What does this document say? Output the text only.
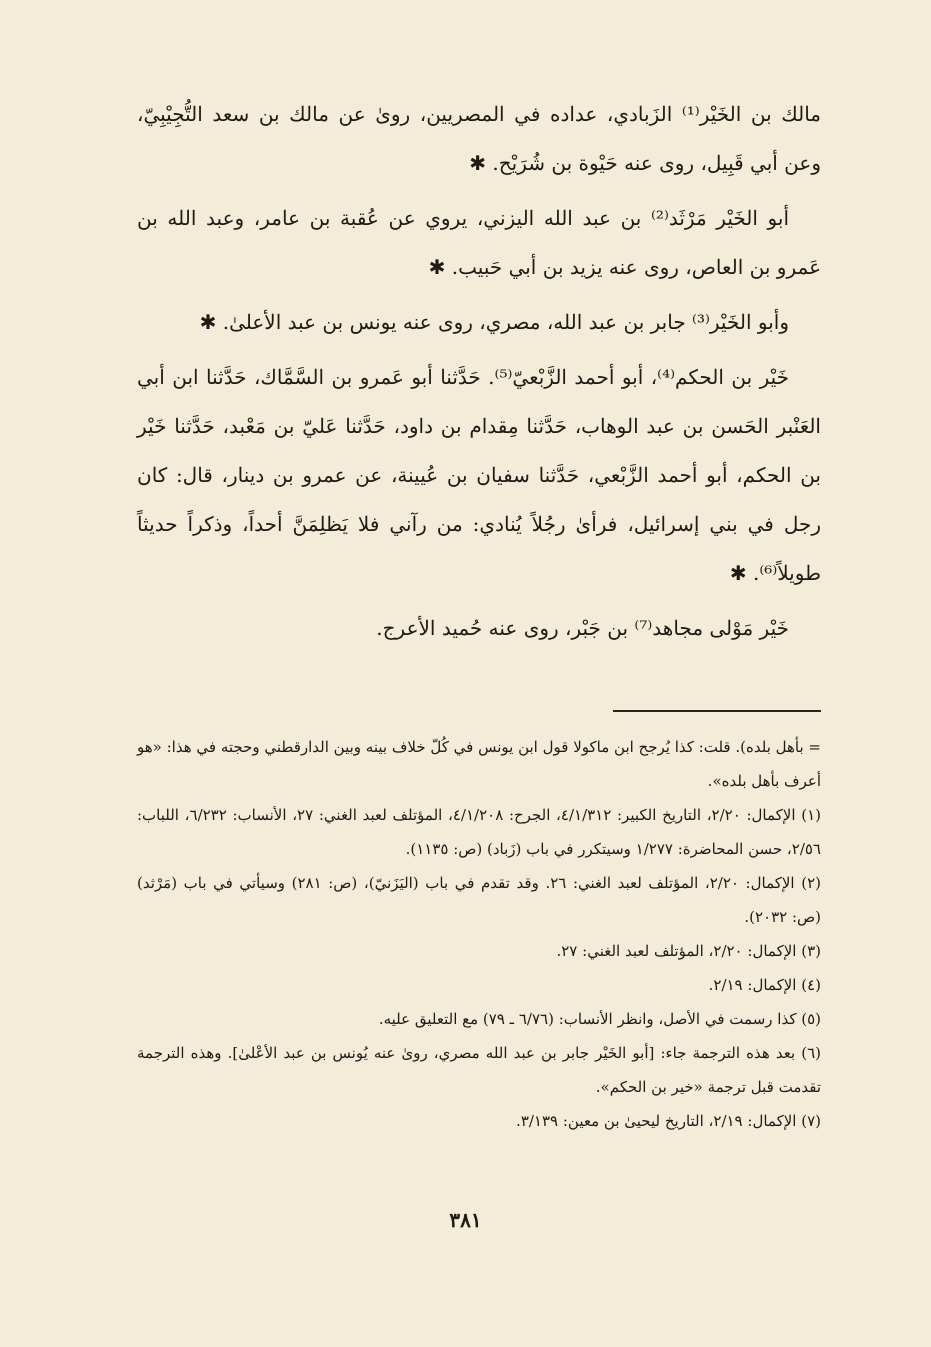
مالك بن الخَيْر⁽¹⁾ الزَبادي، عداده في المصريين، روىٰ عن مالك بن سعد التُّجِيْبِيّ، وعن أبي قَبِيل، روى عنه حَيْوة بن شُرَيْح. ✱

أبو الخَيْر مَرْثَد⁽²⁾ بن عبد الله اليزني، يروي عن عُقبة بن عامر، وعبد الله بن عَمرو بن العاص، روى عنه يزيد بن أبي حَبيب. ✱

وأبو الخَيْر⁽³⁾ جابر بن عبد الله، مصري، روى عنه يونس بن عبد الأعلىٰ. ✱

خَيْر بن الحكم⁽⁴⁾، أبو أحمد الزَّبْعيّ⁽⁵⁾. حَدَّثنا أبو عَمرو بن السَّمَّاك، حَدَّثنا ابن أبي العَنْبر الحَسن بن عبد الوهاب، حَدَّثنا مِقدام بن داود، حَدَّثنا عَليّ بن مَعْبد، حَدَّثنا خَيْر بن الحكم، أبو أحمد الزَّبْعي، حَدَّثنا سفيان بن عُيينة، عن عمرو بن دينار، قال: كان رجل في بني إسرائيل، فرأىٰ رجُلاً يُنادي: من رآني فلا يَظلِمَنَّ أحداً، وذكراً حديثاً طويلاً⁽⁶⁾. ✱

خَيْر مَوْلى مجاهد⁽⁷⁾ بن جَبْر، روى عنه حُميد الأعرج.

= بأهل بلده). قلت: كذا يُرجح ابن ماكولا قول ابن يونس في كُلّ خلاف بينه وبين الدارقطني وحجته في هذا: «هو أعرف بأهل بلده».

(١) الإكمال: ٢/٢٠، التاريخ الكبير: ٤/١/٣١٢، الجرح: ٤/١/٢٠٨، المؤتلف لعبد الغني: ٢٧، الأنساب: ٦/٢٣٢، اللباب: ٢/٥٦، حسن المحاضرة: ١/٢٧٧ وسيتكرر في باب (زَباد) (ص: ١١٣٥).

(٢) الإكمال: ٢/٢٠، المؤتلف لعبد الغني: ٢٦. وقد تقدم في باب (اليَزَنيّ)، (ص: ٢٨١) وسيأتي في باب (مَرْثد) (ص: ٢٠٣٢).

(٣) الإكمال: ٢/٢٠، المؤتلف لعبد الغني: ٢٧.

(٤) الإكمال: ٢/١٩.

(٥) كذا رسمت في الأصل، وانظر الأنساب: (٦/٧٦ ـ ٧٩) مع التعليق عليه.

(٦) بعد هذه الترجمة جاء: [أبو الخَيْر جابر بن عبد الله مصري، روىٰ عنه يُونس بن عبد الأعْلىٰ]. وهذه الترجمة تقدمت قبل ترجمة «خير بن الحكم».

(٧) الإكمال: ٢/١٩، التاريخ ليحيىٰ بن معين: ٣/١٣٩.

٣٨١
